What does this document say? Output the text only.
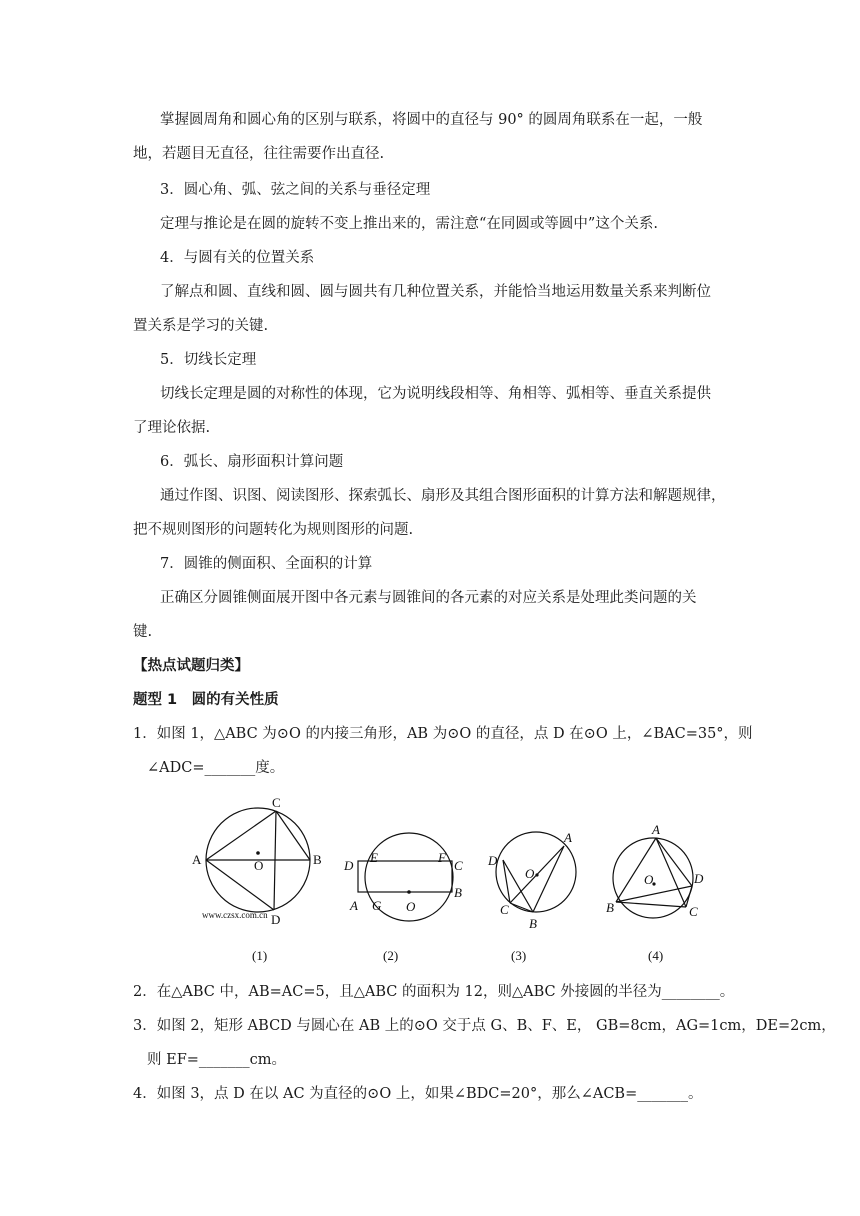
掌握圆周角和圆心角的区别与联系，将圆中的直径与 90° 的圆周角联系在一起，一般
地，若题目无直径，往往需要作出直径.
3．圆心角、弧、弦之间的关系与垂径定理
定理与推论是在圆的旋转不变上推出来的，需注意“在同圆或等圆中”这个关系.
4．与圆有关的位置关系
了解点和圆、直线和圆、圆与圆共有几种位置关系，并能恰当地运用数量关系来判断位
置关系是学习的关键.
5．切线长定理
切线长定理是圆的对称性的体现，它为说明线段相等、角相等、弧相等、垂直关系提供
了理论依据.
6．弧长、扇形面积计算问题
通过作图、识图、阅读图形、探索弧长、扇形及其组合图形面积的计算方法和解题规律，
把不规则图形的问题转化为规则图形的问题.
7．圆锥的侧面积、全面积的计算
正确区分圆锥侧面展开图中各元素与圆锥间的各元素的对应关系是处理此类问题的关
键.
【热点试题归类】
题型 1　圆的有关性质
1．如图 1，△ABC 为⊙O 的内接三角形，AB 为⊙O 的直径，点 D 在⊙O 上，∠BAC=35°，则
∠ADC=_______度。
A	B
C
D
O
www.czsx.com.cn
(1)
D
E	F
C
A G O
B
(2)
D
A
O
C
B
(3)
A
O	D
B	C
(4)
2．在△ABC 中，AB=AC=5，且△ABC 的面积为 12，则△ABC 外接圆的半径为________。
3．如图 2，矩形 ABCD 与圆心在 AB 上的⊙O 交于点 G、B、F、E， GB=8cm，AG=1cm，DE=2cm，
则 EF=_______cm。
4．如图 3，点 D 在以 AC 为直径的⊙O 上，如果∠BDC=20°，那么∠ACB=_______。
